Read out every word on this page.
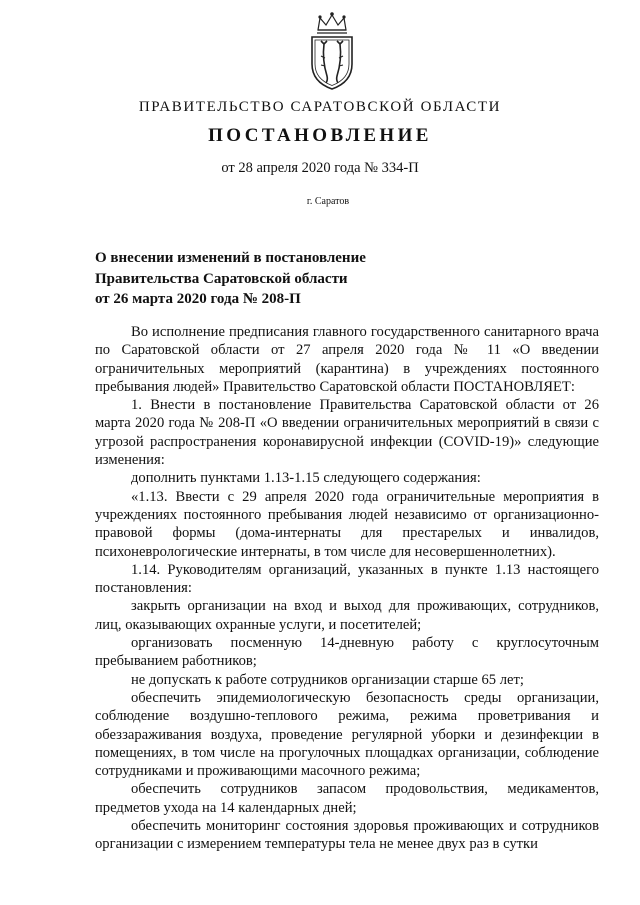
ПРАВИТЕЛЬСТВО САРАТОВСКОЙ ОБЛАСТИ
ПОСТАНОВЛЕНИЕ
от 28 апреля 2020 года № 334-П
г. Саратов
О внесении изменений в постановление
Правительства Саратовской области
от 26 марта 2020 года № 208-П

Во исполнение предписания главного государственного санитарного врача по Саратовской области от 27 апреля 2020 года № 11 «О введении ограничительных мероприятий (карантина) в учреждениях постоянного пребывания людей» Правительство Саратовской области ПОСТАНОВЛЯЕТ:

1. Внести в постановление Правительства Саратовской области от 26 марта 2020 года № 208-П «О введении ограничительных мероприятий в связи с угрозой распространения коронавирусной инфекции (COVID-19)» следующие изменения:

дополнить пунктами 1.13-1.15 следующего содержания:

«1.13. Ввести с 29 апреля 2020 года ограничительные мероприятия в учреждениях постоянного пребывания людей независимо от организационно-правовой формы (дома-интернаты для престарелых и инвалидов, психоневрологические интернаты, в том числе для несовершеннолетних).

1.14. Руководителям организаций, указанных в пункте 1.13 настоящего постановления:

закрыть организации на вход и выход для проживающих, сотрудников, лиц, оказывающих охранные услуги, и посетителей;

организовать посменную 14-дневную работу с круглосуточным пребыванием работников;

не допускать к работе сотрудников организации старше 65 лет;

обеспечить эпидемиологическую безопасность среды организации, соблюдение воздушно-теплового режима, режима проветривания и обеззараживания воздуха, проведение регулярной уборки и дезинфекции в помещениях, в том числе на прогулочных площадках организации, соблюдение сотрудниками и проживающими масочного режима;

обеспечить сотрудников запасом продовольствия, медикаментов, предметов ухода на 14 календарных дней;

обеспечить мониторинг состояния здоровья проживающих и сотрудников организации с измерением температуры тела не менее двух раз в сутки
